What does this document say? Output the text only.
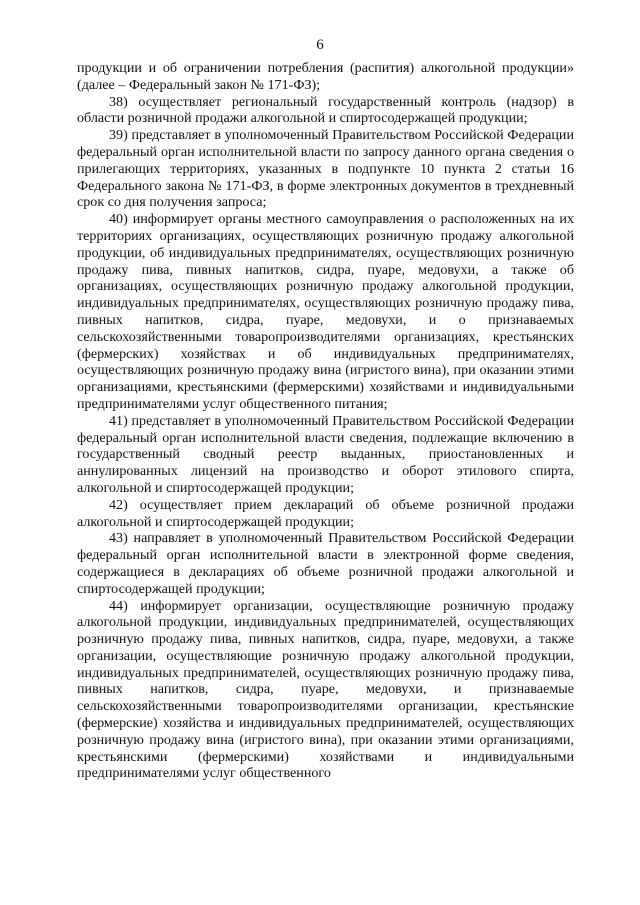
6

продукции и об ограничении потребления (распития) алкогольной продукции» (далее – Федеральный закон № 171-ФЗ);

38) осуществляет региональный государственный контроль (надзор) в области розничной продажи алкогольной и спиртосодержащей продукции;

39) представляет в уполномоченный Правительством Российской Федерации федеральный орган исполнительной власти по запросу данного органа сведения о прилегающих территориях, указанных в подпункте 10 пункта 2 статьи 16 Федерального закона № 171-ФЗ, в форме электронных документов в трехдневный срок со дня получения запроса;

40) информирует органы местного самоуправления о расположенных на их территориях организациях, осуществляющих розничную продажу алкогольной продукции, об индивидуальных предпринимателях, осуществляющих розничную продажу пива, пивных напитков, сидра, пуаре, медовухи, а также об организациях, осуществляющих розничную продажу алкогольной продукции, индивидуальных предпринимателях, осуществляющих розничную продажу пива, пивных напитков, сидра, пуаре, медовухи, и о признаваемых сельскохозяйственными товаропроизводителями организациях, крестьянских (фермерских) хозяйствах и об индивидуальных предпринимателях, осуществляющих розничную продажу вина (игристого вина), при оказании этими организациями, крестьянскими (фермерскими) хозяйствами и индивидуальными предпринимателями услуг общественного питания;

41) представляет в уполномоченный Правительством Российской Федерации федеральный орган исполнительной власти сведения, подлежащие включению в государственный сводный реестр выданных, приостановленных и аннулированных лицензий на производство и оборот этилового спирта, алкогольной и спиртосодержащей продукции;

42) осуществляет прием деклараций об объеме розничной продажи алкогольной и спиртосодержащей продукции;

43) направляет в уполномоченный Правительством Российской Федерации федеральный орган исполнительной власти в электронной форме сведения, содержащиеся в декларациях об объеме розничной продажи алкогольной и спиртосодержащей продукции;

44) информирует организации, осуществляющие розничную продажу алкогольной продукции, индивидуальных предпринимателей, осуществляющих розничную продажу пива, пивных напитков, сидра, пуаре, медовухи, а также организации, осуществляющие розничную продажу алкогольной продукции, индивидуальных предпринимателей, осуществляющих розничную продажу пива, пивных напитков, сидра, пуаре, медовухи, и признаваемые сельскохозяйственными товаропроизводителями организации, крестьянские (фермерские) хозяйства и индивидуальных предпринимателей, осуществляющих розничную продажу вина (игристого вина), при оказании этими организациями, крестьянскими (фермерскими) хозяйствами и индивидуальными предпринимателями услуг общественного
